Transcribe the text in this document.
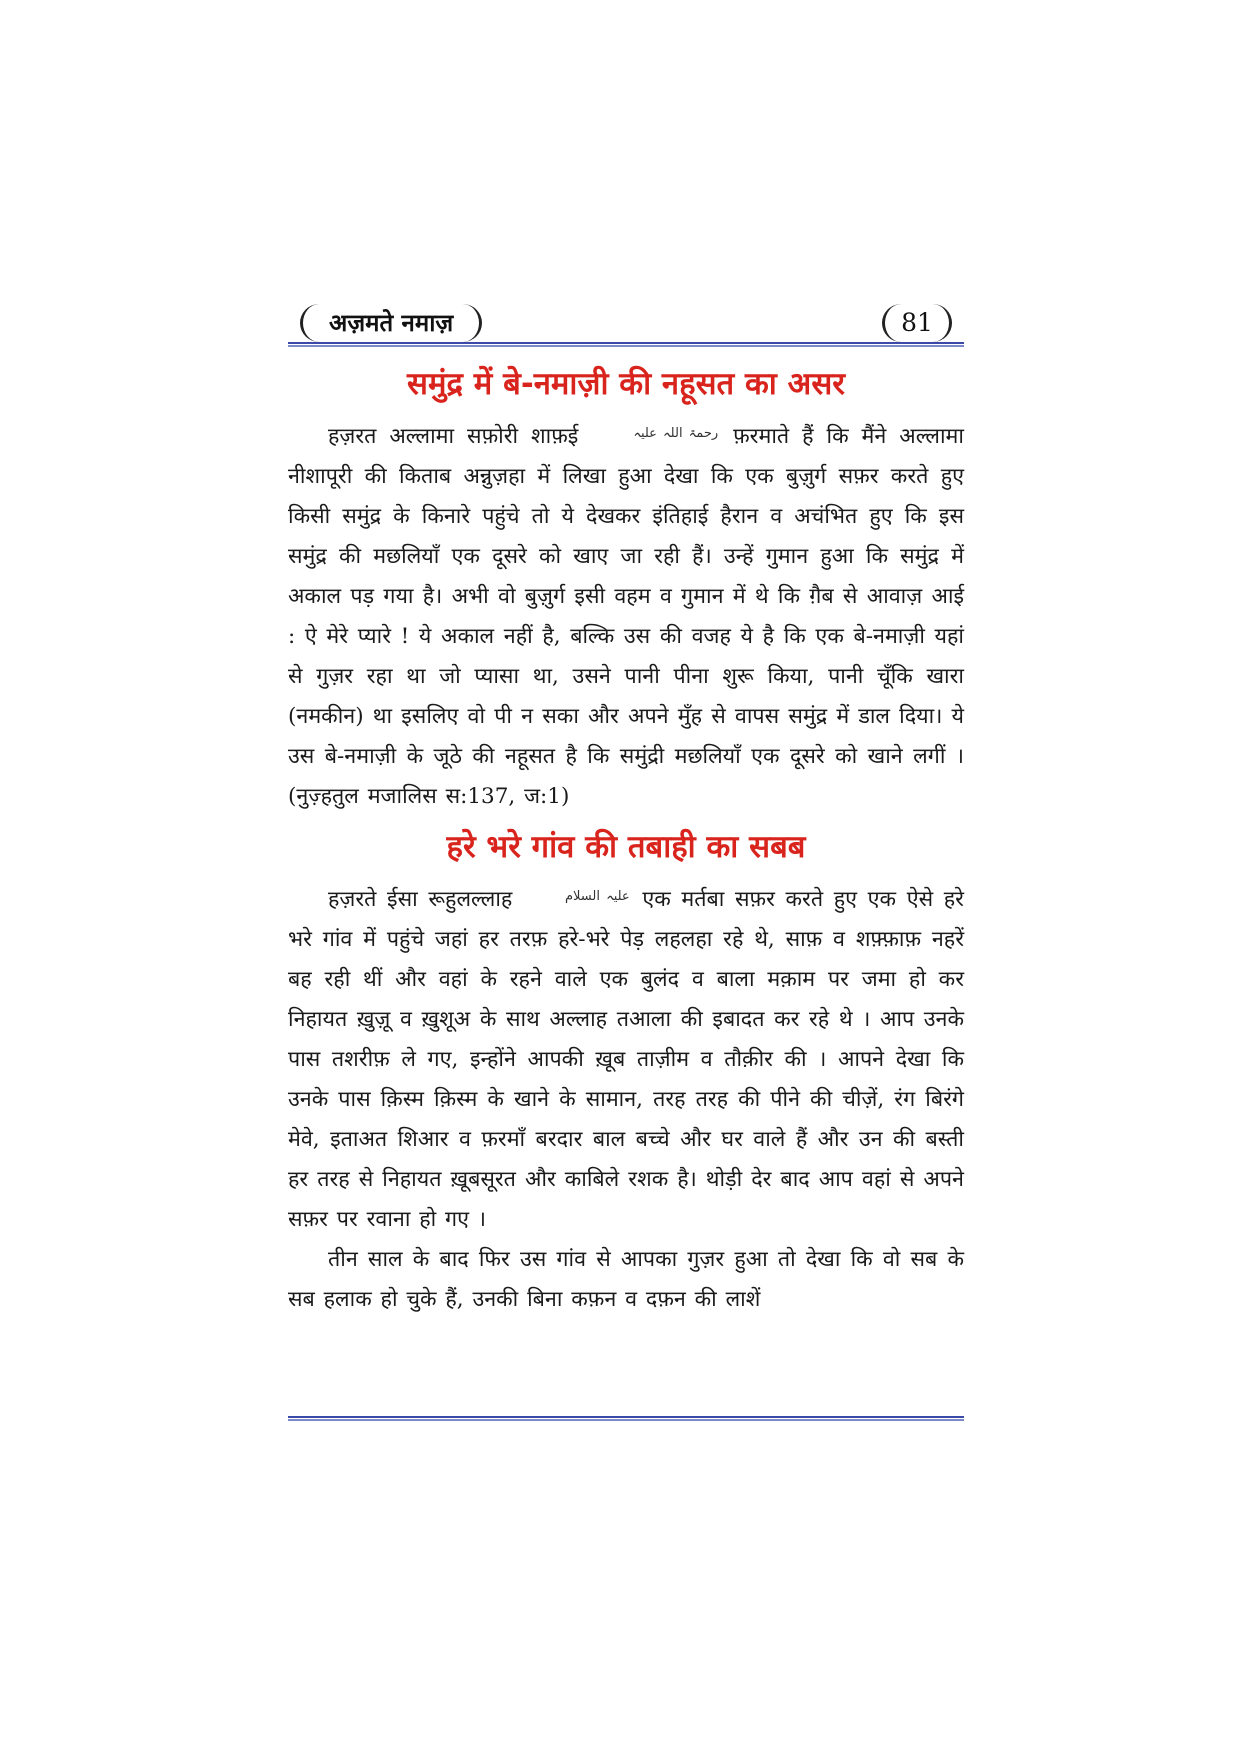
अज़मते नमाज़	81
समुंद्र में बे-नमाज़ी की नहूसत का असर

हज़रत अल्लामा सफ़ोरी शाफ़ई	رحمۃ اللہ علیہ फ़रमाते हैं कि मैंने अल्लामा नीशापूरी की किताब अन्नुज़हा में लिखा हुआ देखा कि एक बुज़ुर्ग सफ़र करते हुए किसी समुंद्र के किनारे पहुंचे तो ये देखकर इंतिहाई हैरान व अचंभित हुए कि इस समुंद्र की मछलियाँ एक दूसरे को खाए जा रही हैं। उन्हें गुमान हुआ कि समुंद्र में अकाल पड़ गया है। अभी वो बुज़ुर्ग इसी वहम व गुमान में थे कि ग़ैब से आवाज़ आई : ऐ मेरे प्यारे ! ये अकाल नहीं है, बल्कि उस की वजह ये है कि एक बे-नमाज़ी यहां से गुज़र रहा था जो प्यासा था, उसने पानी पीना शुरू किया, पानी चूँकि खारा (नमकीन) था इसलिए वो पी न सका और अपने मुँह से वापस समुंद्र में डाल दिया। ये उस बे-नमाज़ी के जूठे की नहूसत है कि समुंद्री मछलियाँ एक दूसरे को खाने लगीं । (नुज़्हतुल मजालिस स:137, ज:1)

हरे भरे गांव की तबाही का सबब

हज़रते ईसा रूहुलल्लाह	علیہ السلام एक मर्तबा सफ़र करते हुए एक ऐसे हरे भरे गांव में पहुंचे जहां हर तरफ़ हरे-भरे पेड़ लहलहा रहे थे, साफ़ व शफ़्फ़ाफ़ नहरें बह रही थीं और वहां के रहने वाले एक बुलंद व बाला मक़ाम पर जमा हो कर निहायत ख़ुज़ू व ख़ुशूअ के साथ अल्लाह तआला की इबादत कर रहे थे । आप उनके पास तशरीफ़ ले गए, इन्होंने आपकी ख़ूब ताज़ीम व तौक़ीर की । आपने देखा कि उनके पास क़िस्म क़िस्म के खाने के सामान, तरह तरह की पीने की चीज़ें, रंग बिरंगे मेवे, इताअत शिआर व फ़रमाँ बरदार बाल बच्चे और घर वाले हैं और उन की बस्ती हर तरह से निहायत ख़ूबसूरत और काबिले रशक है। थोड़ी देर बाद आप वहां से अपने सफ़र पर रवाना हो गए ।

तीन साल के बाद फिर उस गांव से आपका गुज़र हुआ तो देखा कि वो सब के सब हलाक हो चुके हैं, उनकी बिना कफ़न व दफ़न की लाशें
